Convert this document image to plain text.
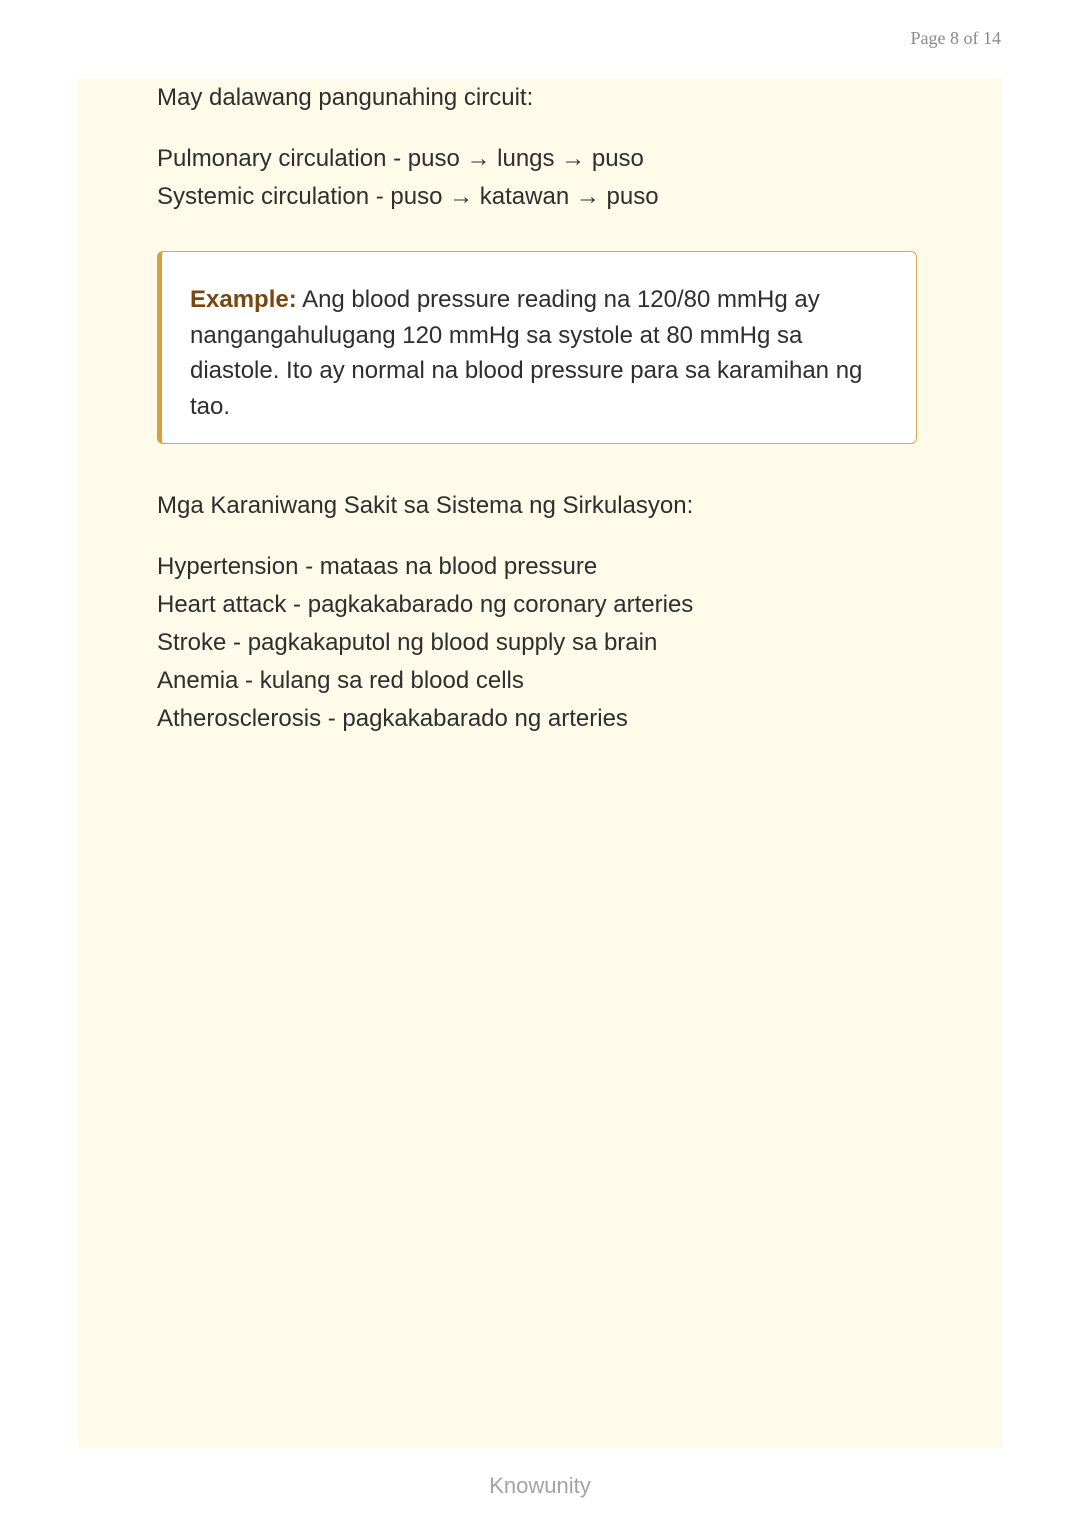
Page 8 of 14
May dalawang pangunahing circuit:
Pulmonary circulation - puso → lungs → puso
Systemic circulation - puso → katawan → puso

Example: Ang blood pressure reading na 120/80 mmHg ay nangangahulugang 120 mmHg sa systole at 80 mmHg sa diastole. Ito ay normal na blood pressure para sa karamihan ng tao.

Mga Karaniwang Sakit sa Sistema ng Sirkulasyon:
Hypertension - mataas na blood pressure
Heart attack - pagkakabarado ng coronary arteries
Stroke - pagkakaputol ng blood supply sa brain
Anemia - kulang sa red blood cells
Atherosclerosis - pagkakabarado ng arteries
Knowunity
